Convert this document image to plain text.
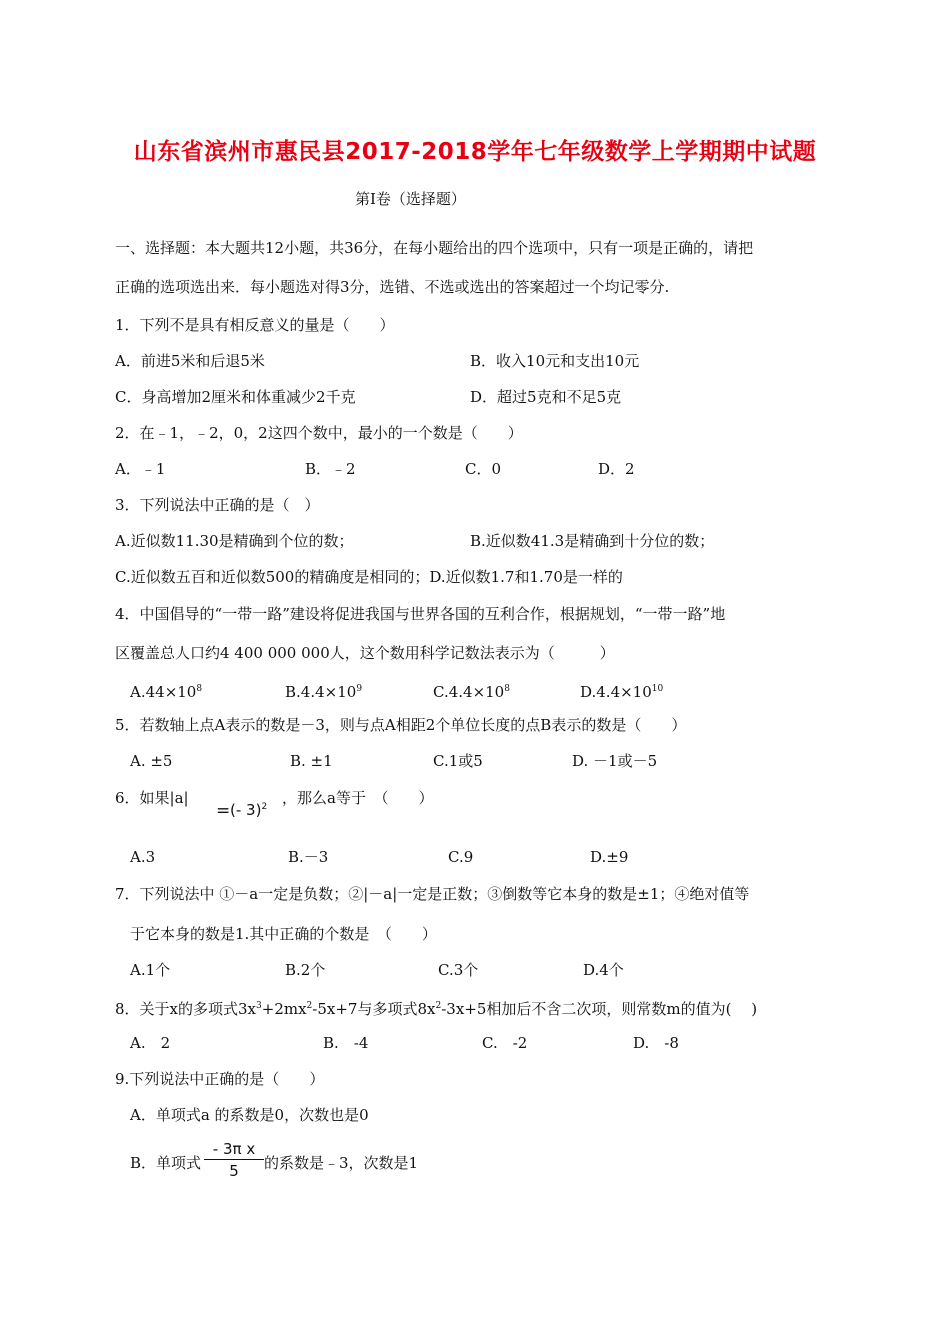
山东省滨州市惠民县2017-2018学年七年级数学上学期期中试题
第Ⅰ卷（选择题）
一、选择题：本大题共12小题，共36分，在每小题给出的四个选项中，只有一项是正确的，请把
正确的选项选出来．每小题选对得3分，选错、不选或选出的答案超过一个均记零分.
1．下列不是具有相反意义的量是（　　）
A．前进5米和后退5米	B．收入10元和支出10元
C．身高增加2厘米和体重减少2千克	D．超过5克和不足5克
2．在﹣1，﹣2，0，2这四个数中，最小的一个数是（　　）
A．﹣1	B．﹣2	C．0	D．2
3．下列说法中正确的是（　）
A.近似数11.30是精确到个位的数；	B.近似数41.3是精确到十分位的数；
C.近似数五百和近似数500的精确度是相同的；D.近似数1.7和1.70是一样的
4．中国倡导的“一带一路”建设将促进我国与世界各国的互利合作，根据规划，“一带一路”地
区覆盖总人口约4 400 000 000人，这个数用科学记数法表示为（　　　）
$A.44\times 10^8$	$B.4.4\times 10^9$	$C.4.4\times 10^8$	$D.4.4\times 10^{10}$
5．若数轴上点A表示的数是－3，则与点A相距2个单位长度的点B表示的数是（　　）
A. ±5	B. ±1	C.1或5	D. －1或－5
6．如果|a|
= (- 3)$^2$ ，那么a等于　（　　）
A.3	B.－3	C.9	D.±9
7．下列说法中 ①－a一定是负数；②|－a|一定是正数；③倒数等它本身的数是±1；④绝对值等
于它本身的数是1.其中正确的个数是　（　　）
A.1个	B.2个	C.3个	D.4个
8．关于x的多项式$3x^3+2mx^2-5x+7$与多项式$8x^2-3x+5$相加后不含二次项，则常数m的值为(　 )
A.　2	B.　-4	C.　-2	D.　-8
9.下列说法中正确的是（　　）
A．单项式a 的系数是0，次数也是0
B．单项式 $\frac{\text{- 3π x}}{5}$ 的系数是﹣3，次数是1
